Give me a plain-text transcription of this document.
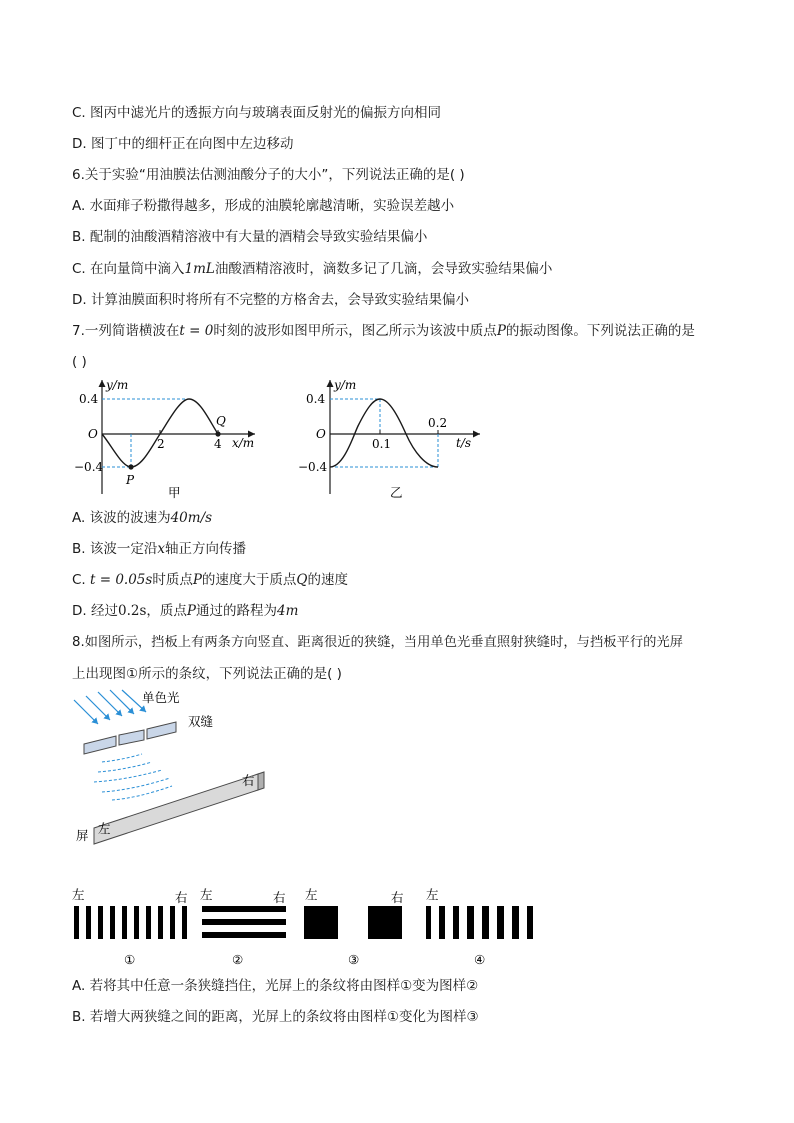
C. 图丙中滤光片的透振方向与玻璃表面反射光的偏振方向相同
D. 图丁中的细杆正在向图中左边移动
6.关于实验“用油膜法估测油酸分子的大小”，下列说法正确的是( )
A. 水面痱子粉撒得越多，形成的油膜轮廓越清晰，实验误差越小
B. 配制的油酸酒精溶液中有大量的酒精会导致实验结果偏小
C. 在向量筒中滴入1mL油酸酒精溶液时，滴数多记了几滴，会导致实验结果偏小
D. 计算油膜面积时将所有不完整的方格舍去，会导致实验结果偏小
7.一列简谐横波在t = 0时刻的波形如图甲所示，图乙所示为该波中质点P的振动图像。下列说法正确的是
( )
y/m
x/m
O
0.4
−0.4
2	4
P
Q
甲
y/m
t/s
O
0.4
−0.4
0.1
0.2
乙
A. 该波的波速为40m/s
B. 该波一定沿x轴正方向传播
C. t = 0.05s时质点P的速度大于质点Q的速度
D. 经过0.2s，质点P通过的路程为4m
8.如图所示，挡板上有两条方向竖直、距离很近的狭缝，当用单色光垂直照射狭缝时，与挡板平行的光屏
上出现图①所示的条纹，下列说法正确的是( )
单色光
双缝
屏 左
右
左	右 左	右 左	右 左
①	②	③	④
A. 若将其中任意一条狭缝挡住，光屏上的条纹将由图样①变为图样②
B. 若增大两狭缝之间的距离，光屏上的条纹将由图样①变化为图样③
